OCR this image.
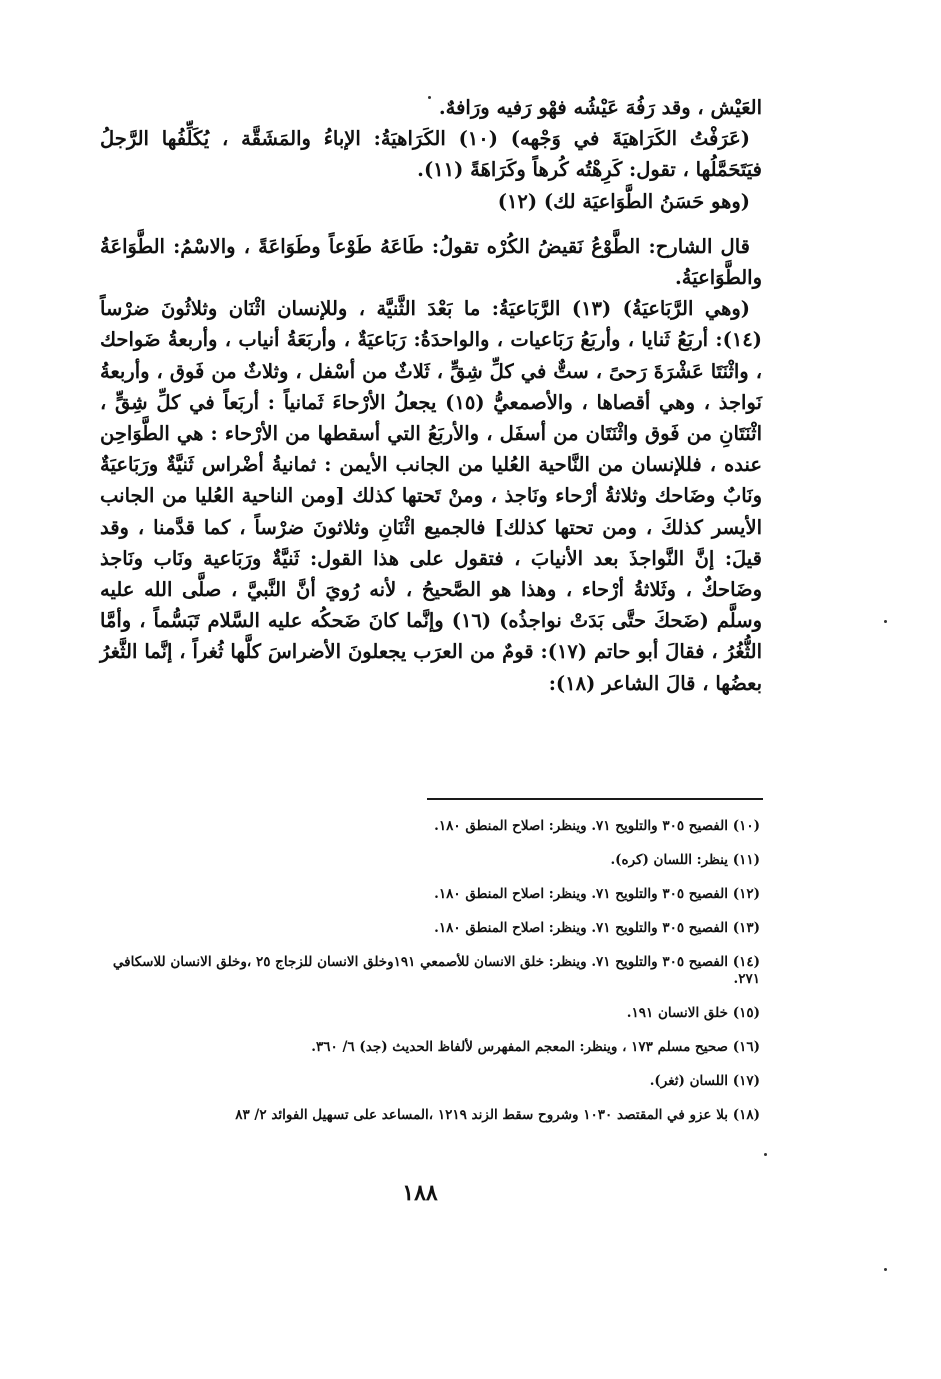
العَيْش ، وقد رَفُهَ عَيْشُه فهْو رَفيه ورَافهٌ.

(عَرَفْتُ الكَرَاهيَةَ في وَجْهه) (١٠) الكَرَاهيَةُ: الإباءُ والمَشَقَّة ، يُكَلِّفُها الرَّجلُ فيَتَحَمَّلُها ، تقول: كَرِهْتُه كُرهاً وكَرَاهَةً (١١).

(وهو حَسَنُ الطَّوَاعيَة لك) (١٢)

قال الشارح: الطَّوْعُ نَقيضُ الكُرْه تقولُ: طَاعَهُ طَوْعاً وطَوَاعَةً ، والاسْمُ: الطَّوَاعَةُ والطَّوَاعيَةُ.

(وهي الرَّبَاعيَةُ) (١٣) الرَّبَاعيَةُ: ما بَعْدَ الثَّنيَّة ، وللإنسان اثْنَان وثلاثُونَ ضرْساً (١٤): أربَعُ ثَنايا ، وأربَعُ رَبَاعيات ، والواحدَةُ: رَبَاعيَةٌ ، وأربَعَةُ أنياب ، وأربعةُ ضَواحك ، واثْنَتَا عَشْرَةَ رَحىً ، ستٌّ في كلِّ شِقٍّ ، ثَلاثٌ من أسْفل ، وثلاثٌ من فَوق ، وأربعةُ نَواجذ ، وهي أقصاها ، والأصمعيُّ (١٥) يجعلُ الأرْحاءَ ثَمانياً : أربَعاً في كلِّ شِقٍّ ، اثْنَتَانِ من فَوق واثْنَتَان من أسفَل ، والأربَعُ التي أسقطها من الأرْحاء : هي الطَّوَاحِن عنده ، فللإنسان من النَّاحية العُليا من الجانب الأيمن : ثمانيةُ أضْراس ثَنيَّةٌ ورَبَاعيَةٌ ونَابٌ وضَاحك وثلاثةُ أرْحاء ونَاجذ ، ومنْ تَحتها كذلك [ومن الناحية العُليا من الجانب الأيسر كذلكَ ، ومن تحتها كذلك] فالجميع اثْنَانِ وثلاثونَ ضرْساً ، كما قدَّمنا ، وقد قيلَ: إنَّ النَّواجذَ بعد الأنيابَ ، فتقول على هذا القول: ثَنيَّةٌ ورَبَاعية ونَاب ونَاجذ وضَاحكٌ ، وثَلاثةُ أرْحاء ، وهذا هو الصَّحيحُ ، لأنه رُويَ أنَّ النَّبيَّ ، صلَّى الله عليه وسلَّم (ضَحكَ حتَّى بَدَتْ نواجذُه) (١٦) وإنَّما كانَ ضَحكُه عليه السَّلام تَبَسُّماً ، وأمَّا الثُّغُرُ ، فقالَ أبو حاتم (١٧): قومٌ من العرَب يجعلونَ الأضراسَ كلَّها ثُغراً ، إنَّما الثَّغرُ بعضُها ، قالَ الشاعر (١٨):

(١٠) الفصيح ٣٠٥ والتلويح ٧١. وينظر: اصلاح المنطق ١٨٠.

(١١) ينظر: اللسان (كره).

(١٢) الفصيح ٣٠٥ والتلويح ٧١. وينظر: اصلاح المنطق ١٨٠.

(١٣) الفصيح ٣٠٥ والتلويح ٧١. وينظر: اصلاح المنطق ١٨٠.

(١٤) الفصيح ٣٠٥ والتلويح ٧١. وينظر: خلق الانسان للأصمعي ١٩١وخلق الانسان للزجاج ٢٥ ،وخلق الانسان للاسكافي ٢٧١.

(١٥) خلق الانسان ١٩١.

(١٦) صحيح مسلم ١٧٣ ، وينظر: المعجم المفهرس لألفاظ الحديث (جد) ٦/ ٣٦٠.

(١٧) اللسان (ثغر).

(١٨) بلا عزو في المقتصد ١٠٣٠ وشروح سقط الزند ١٢١٩ ،المساعد على تسهيل الفوائد ٢/ ٨٣

١٨٨
